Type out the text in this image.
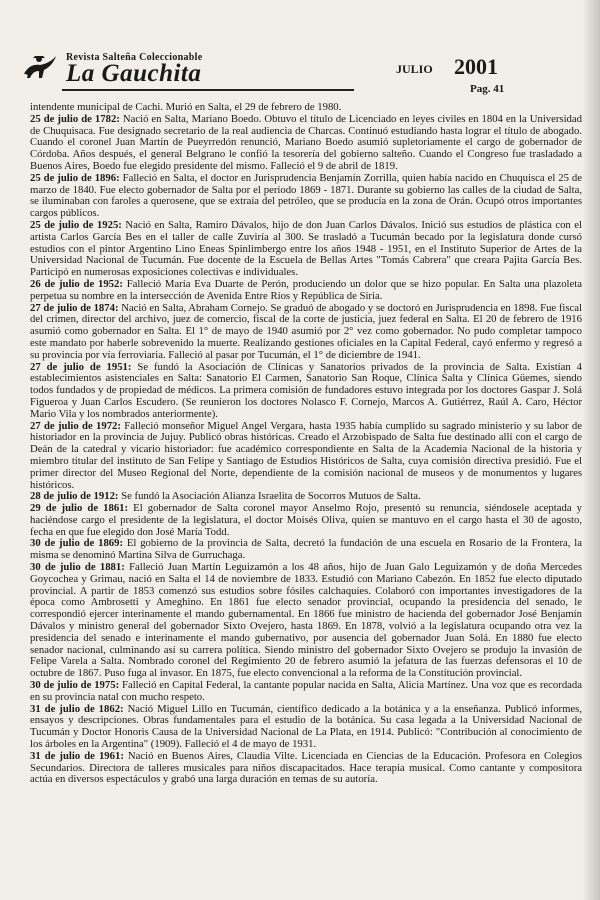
Revista Salteña Coleccionable
La Gauchita	JULIO 2001
Pag. 41

intendente municipal de Cachi. Murió en Salta, el 29 de febrero de 1980.

25 de julio de 1782: Nació en Salta, Mariano Boedo. Obtuvo el título de Licenciado en leyes civiles en 1804 en la Universidad de Chuquisaca. Fue designado secretario de la real audiencia de Charcas. Continuó estudiando hasta lograr el título de abogado. Cuando el coronel Juan Martín de Pueyrredón renunció, Mariano Boedo asumió supletoriamente el cargo de gobernador de Córdoba. Años después, el general Belgrano le confió la tesorería del gobierno salteño. Cuando el Congreso fue trasladado a Buenos Aires, Boedo fue elegido presidente del mismo. Falleció el 9 de abril de 1819.

25 de julio de 1896: Falleció en Salta, el doctor en Jurisprudencia Benjamín Zorrilla, quien había nacido en Chuquisca el 25 de marzo de 1840. Fue electo gobernador de Salta por el período 1869 - 1871. Durante su gobierno las calles de la ciudad de Salta, se iluminaban con faroles a querosene, que se extraía del petróleo, que se producía en la zona de Orán. Ocupó otros importantes cargos públicos.

25 de julio de 1925: Nació en Salta, Ramiro Dávalos, hijo de don Juan Carlos Dávalos. Inició sus estudios de plástica con el artista Carlos García Bes en el taller de calle Zuviría al 300. Se trasladó a Tucumán becado por la legislatura donde cursó estudios con el pintor Argentino Lino Eneas Spinlimbergo entre los años 1948 - 1951, en el Instituto Superior de Artes de la Universidad Nacional de Tucumán. Fue docente de la Escuela de Bellas Artes "Tomás Cabrera" que creara Pajita García Bes. Participó en numerosas exposiciones colectivas e individuales.

26 de julio de 1952: Falleció María Eva Duarte de Perón, produciendo un dolor que se hizo popular. En Salta una plazoleta perpetua su nombre en la intersección de Avenida Entre Ríos y República de Siria.

27 de julio de 1874: Nació en Salta, Abraham Cornejo. Se graduó de abogado y se doctoró en Jurisprudencia en 1898. Fue fiscal del crimen, director del archivo, juez de comercio, fiscal de la corte de justicia, juez federal en Salta. El 20 de febrero de 1916 asumió como gobernador en Salta. El 1° de mayo de 1940 asumió por 2° vez como gobernador. No pudo completar tampoco este mandato por haberle sobrevenido la muerte. Realizando gestiones oficiales en la Capital Federal, cayó enfermo y regresó a su provincia por vía ferroviaria. Falleció al pasar por Tucumán, el 1° de diciembre de 1941.

27 de julio de 1951: Se fundó la Asociación de Clínicas y Sanatorios privados de la provincia de Salta. Existían 4 establecimientos asistenciales en Salta: Sanatorio El Carmen, Sanatorio San Roque, Clínica Salta y Clínica Güemes, siendo todos fundados y de propiedad de médicos. La primera comisión de fundadores estuvo integrada por los doctores Gaspar J. Solá Figueroa y Juan Carlos Escudero. (Se reunieron los doctores Nolasco F. Cornejo, Marcos A. Gutiérrez, Raúl A. Caro, Héctor Mario Vila y los nombrados anteriormente).

27 de julio de 1972: Falleció monseñor Miguel Angel Vergara, hasta 1935 había cumplido su sagrado ministerio y su labor de historiador en la provincia de Jujuy. Publicó obras históricas. Creado el Arzobispado de Salta fue destinado allí con el cargo de Deán de la catedral y vicario historiador: fue académico correspondiente en Salta de la Academia Nacional de la historia y miembro titular del instituto de San Felipe y Santiago de Estudios Históricos de Salta, cuya comisión directiva presidió. Fue el primer director del Museo Regional del Norte, dependiente de la comisión nacional de museos y de monumentos y lugares históricos.

28 de julio de 1912: Se fundó la Asociación Alianza Israelita de Socorros Mutuos de Salta.

29 de julio de 1861: El gobernador de Salta coronel mayor Anselmo Rojo, presentó su renuncia, siéndosele aceptada y haciéndose cargo el presidente de la legislatura, el doctor Moisés Oliva, quien se mantuvo en el cargo hasta el 30 de agosto, fecha en que fue elegido don José María Todd.

30 de julio de 1869: El gobierno de la provincia de Salta, decretó la fundación de una escuela en Rosario de la Frontera, la misma se denominó Martina Silva de Gurruchaga.

30 de julio de 1881: Falleció Juan Martín Leguizamón a los 48 años, hijo de Juan Galo Leguizamón y de doña Mercedes Goycochea y Grimau, nació en Salta el 14 de noviembre de 1833. Estudió con Mariano Cabezón. En 1852 fue electo diputado provincial. A partir de 1853 comenzó sus estudios sobre fósiles calchaquíes. Colaboró con importantes investigadores de la época como Ambrosetti y Ameghino. En 1861 fue electo senador provincial, ocupando la presidencia del senado, le correspondió ejercer interinamente el mando gubernamental. En 1866 fue ministro de hacienda del gobernador José Benjamín Dávalos y ministro general del gobernador Sixto Ovejero, hasta 1869. En 1878, volvió a la legislatura ocupando otra vez la presidencia del senado e interinamente el mando gubernativo, por ausencia del gobernador Juan Solá. En 1880 fue electo senador nacional, culminando así su carrera política. Siendo ministro del gobernador Sixto Ovejero se produjo la invasión de Felipe Varela a Salta. Nombrado coronel del Regimiento 20 de febrero asumió la jefatura de las fuerzas defensoras el 10 de octubre de 1867. Puso fuga al invasor. En 1875, fue electo convencional a la reforma de la Constitución provincial.

30 de julio de 1975: Falleció en Capital Federal, la cantante popular nacida en Salta, Alicia Martínez. Una voz que es recordada en su provincia natal con mucho respeto.

31 de julio de 1862: Nació Miguel Lillo en Tucumán, científico dedicado a la botánica y a la enseñanza. Publicó informes, ensayos y descripciones. Obras fundamentales para el estudio de la botánica. Su casa legada a la Universidad Nacional de Tucumán y Doctor Honoris Causa de la Universidad Nacional de La Plata, en 1914. Publicó: "Contribución al conocimiento de los árboles en la Argentina" (1909). Falleció el 4 de mayo de 1931.

31 de julio de 1961: Nació en Buenos Aires, Claudia Vilte. Licenciada en Ciencias de la Educación. Profesora en Colegios Secundarios. Directora de talleres musicales para niños discapacitados. Hace terapia musical. Como cantante y compositora actúa en diversos espectáculos y grabó una larga duración en temas de su autoría.
